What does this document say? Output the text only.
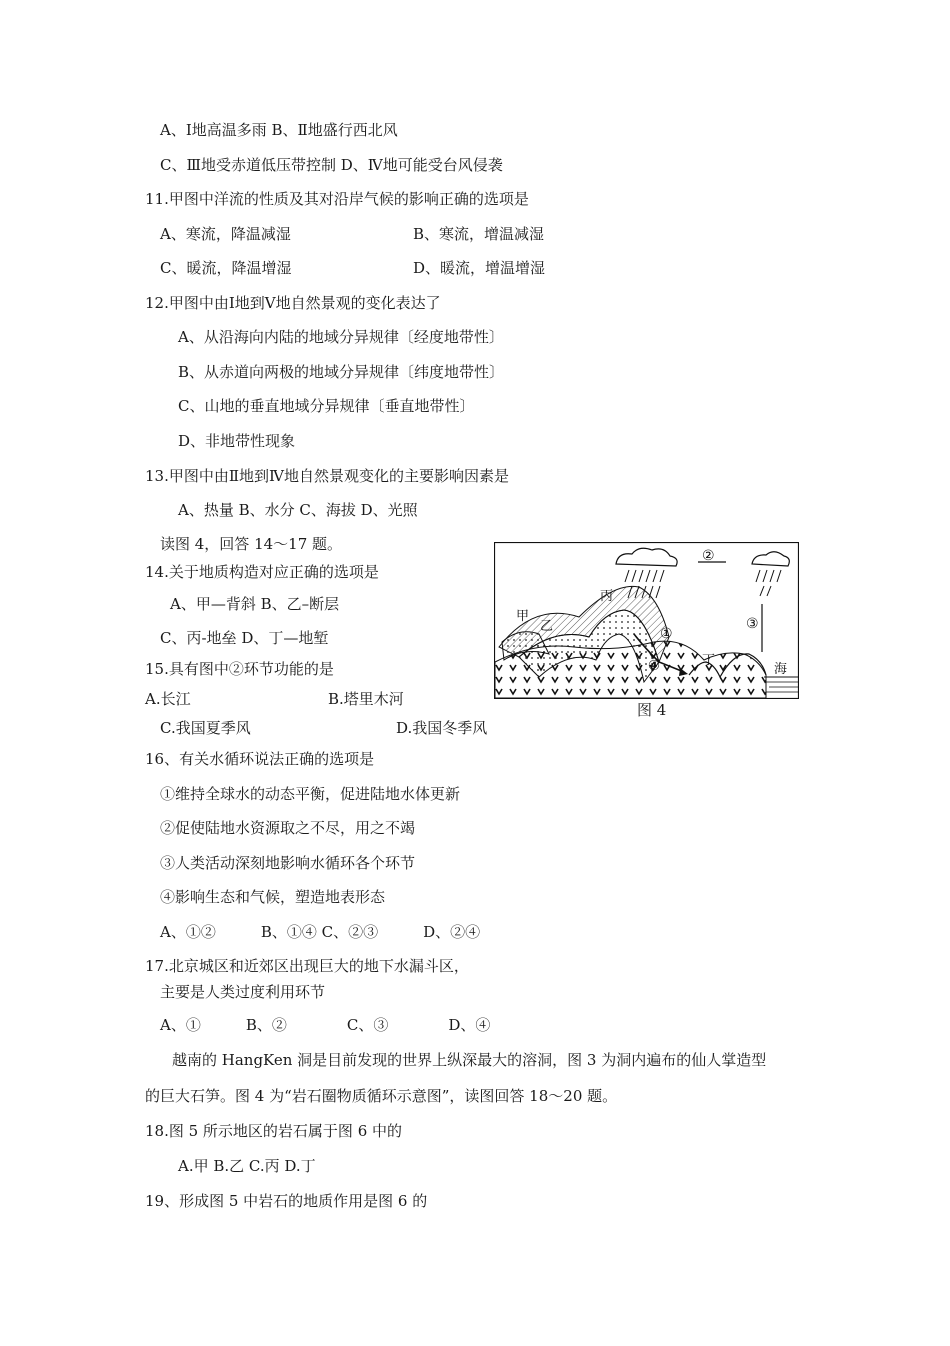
A、Ⅰ地高温多雨 B、Ⅱ地盛行西北风
C、Ⅲ地受赤道低压带控制 D、Ⅳ地可能受台风侵袭
11.甲图中洋流的性质及其对沿岸气候的影响正确的选项是
A、寒流，降温减湿	B、寒流，增温减湿
C、暖流，降温增湿	D、暖流，增温增湿
12.甲图中由Ⅰ地到Ⅴ地自然景观的变化表达了
A、从沿海向内陆的地域分异规律〔经度地带性〕
B、从赤道向两极的地域分异规律〔纬度地带性〕
C、山地的垂直地域分异规律〔垂直地带性〕
D、非地带性现象
13.甲图中由Ⅱ地到Ⅳ地自然景观变化的主要影响因素是
A、热量 B、水分 C、海拔 D、光照
读图 4，回答 14～17 题。
14.关于地质构造对应正确的选项是
A、甲—背斜 B、乙–断层
C、丙-地垒 D、丁—地堑
15.具有图中②环节功能的是
A.长江	B.塔里木河
C.我国夏季风	D.我国冬季风
16、有关水循环说法正确的选项是
①维持全球水的动态平衡，促进陆地水体更新
②促使陆地水资源取之不尽，用之不竭
③人类活动深刻地影响水循环各个环节
④影响生态和气候，塑造地表形态
A、①②　　　B、①④ C、②③　　　D、②④
17.北京城区和近郊区出现巨大的地下水漏斗区，
主要是人类过度利用环节
A、①　　　B、②　　　　C、③　　　　D、④
越南的 HangKen 洞是目前发现的世界上纵深最大的溶洞，图 3 为洞内遍布的仙人掌造型
的巨大石笋。图 4 为“岩石圈物质循环示意图”，读图回答 18～20 题。
18.图 5 所示地区的岩石属于图 6 中的
A.甲 B.乙 C.丙 D.丁
19、形成图 5 中岩石的地质作用是图 6 的
甲
乙
丙
丁
海
①
②
③
④
图 4
